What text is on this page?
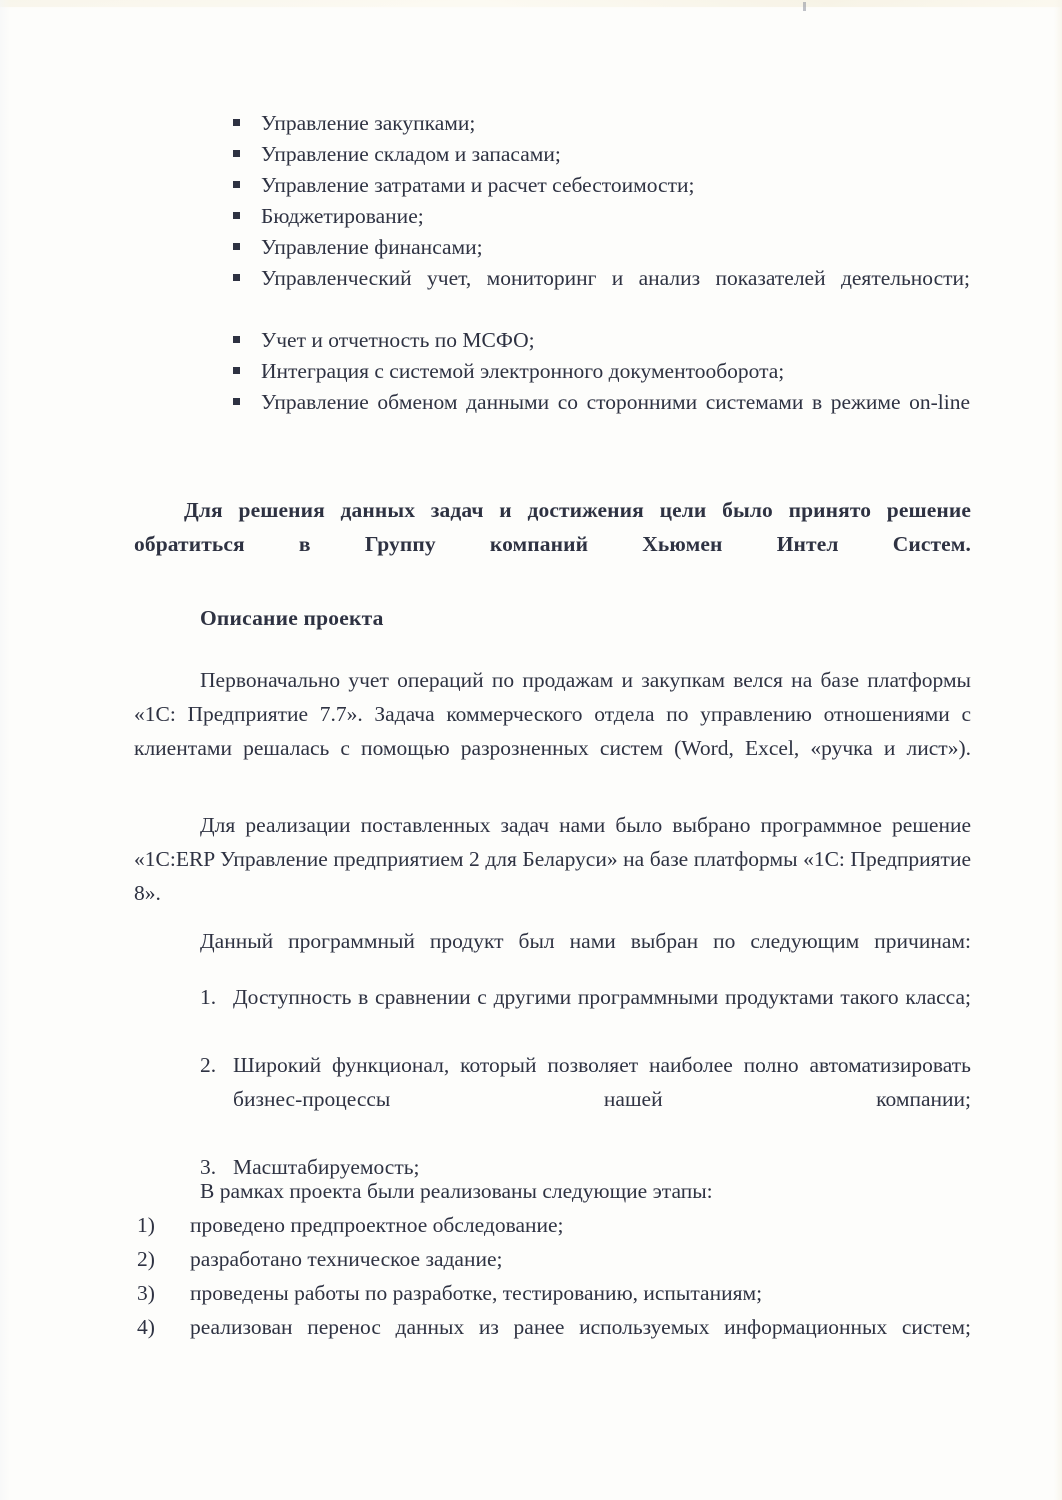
Управление закупками;
Управление складом и запасами;
Управление затратами и расчет себестоимости;
Бюджетирование;
Управление финансами;
Управленческий учет, мониторинг и анализ показателей деятельности;
Учет и отчетность по МСФО;
Интеграция с системой электронного документооборота;
Управление обменом данными со сторонними системами в режиме on-line

Для решения данных задач и достижения цели было принято решение обратиться в Группу компаний Хьюмен Интел Систем.

Описание проекта

Первоначально учет операций по продажам и закупкам велся на базе платформы «1С: Предприятие 7.7». Задача коммерческого отдела по управлению отношениями с клиентами решалась с помощью разрозненных систем (Word, Excel, «ручка и лист»).

Для реализации поставленных задач нами было выбрано программное решение «1С:ERP Управление предприятием 2 для Беларуси» на базе платформы «1С: Предприятие 8».

Данный программный продукт был нами выбран по следующим причинам:

1. Доступность в сравнении с другими программными продуктами такого класса;
2. Широкий функционал, который позволяет наиболее полно автоматизировать бизнес-процессы нашей компании;
3. Масштабируемость;

В рамках проекта были реализованы следующие этапы:

1) проведено предпроектное обследование;
2) разработано техническое задание;
3) проведены работы по разработке, тестированию, испытаниям;
4) реализован перенос данных из ранее используемых информационных систем;
